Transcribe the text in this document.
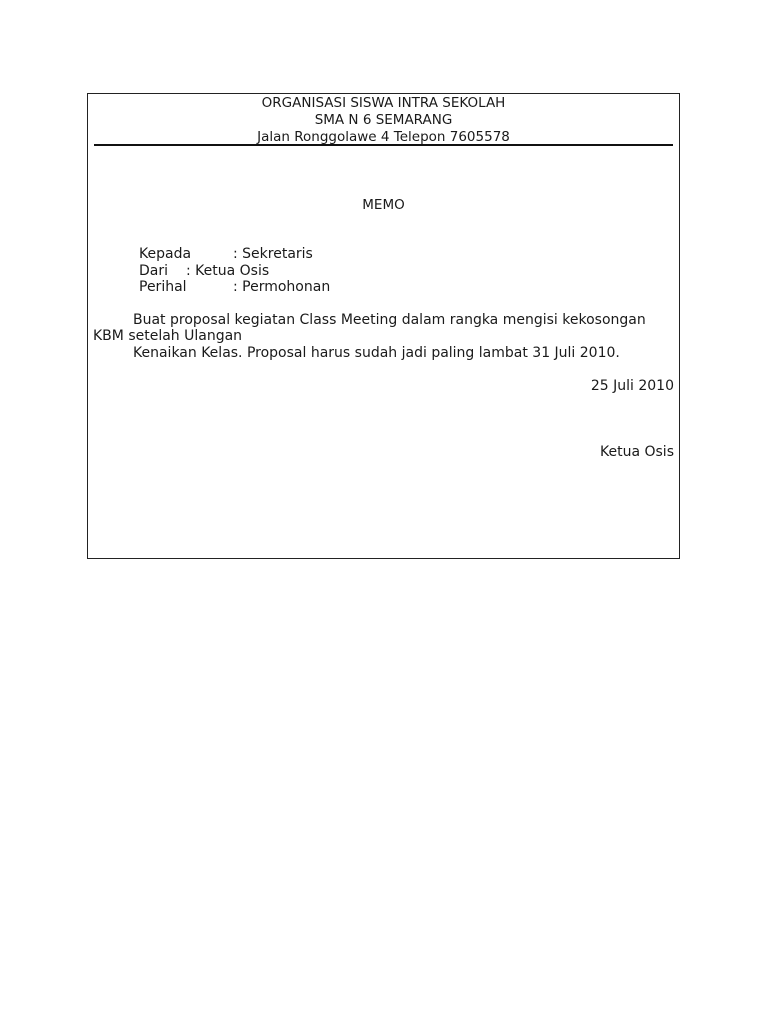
ORGANISASI SISWA INTRA SEKOLAH
SMA N 6 SEMARANG
Jalan Ronggolawe 4 Telepon 7605578
MEMO
Kepada	: Sekretaris
Dari : Ketua Osis
Perihal	: Permohonan
Buat proposal kegiatan Class Meeting dalam rangka mengisi kekosongan
KBM setelah Ulangan
Kenaikan Kelas. Proposal harus sudah jadi paling lambat 31 Juli 2010.
25 Juli 2010
Ketua Osis
